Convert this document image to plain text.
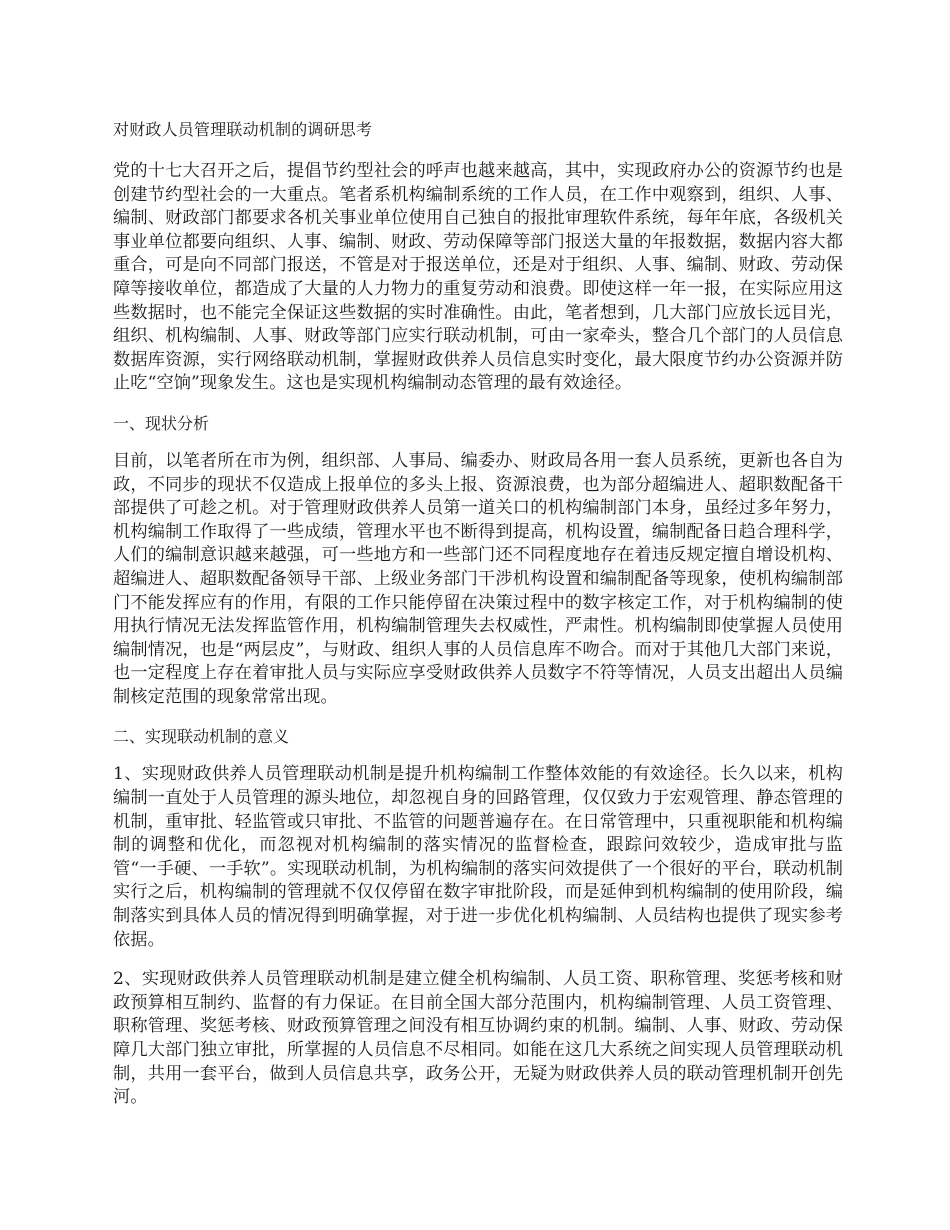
对财政人员管理联动机制的调研思考

党的十七大召开之后，提倡节约型社会的呼声也越来越高，其中，实现政府办公的资源节约也是创建节约型社会的一大重点。笔者系机构编制系统的工作人员，在工作中观察到，组织、人事、编制、财政部门都要求各机关事业单位使用自己独自的报批审理软件系统，每年年底，各级机关事业单位都要向组织、人事、编制、财政、劳动保障等部门报送大量的年报数据，数据内容大都重合，可是向不同部门报送，不管是对于报送单位，还是对于组织、人事、编制、财政、劳动保障等接收单位，都造成了大量的人力物力的重复劳动和浪费。即使这样一年一报，在实际应用这些数据时，也不能完全保证这些数据的实时准确性。由此，笔者想到，几大部门应放长远目光，组织、机构编制、人事、财政等部门应实行联动机制，可由一家牵头，整合几个部门的人员信息数据库资源，实行网络联动机制，掌握财政供养人员信息实时变化，最大限度节约办公资源并防止吃“空饷”现象发生。这也是实现机构编制动态管理的最有效途径。

一、现状分析

目前，以笔者所在市为例，组织部、人事局、编委办、财政局各用一套人员系统，更新也各自为政，不同步的现状不仅造成上报单位的多头上报、资源浪费，也为部分超编进人、超职数配备干部提供了可趁之机。对于管理财政供养人员第一道关口的机构编制部门本身，虽经过多年努力，机构编制工作取得了一些成绩，管理水平也不断得到提高，机构设置，编制配备日趋合理科学，人们的编制意识越来越强，可一些地方和一些部门还不同程度地存在着违反规定擅自增设机构、超编进人、超职数配备领导干部、上级业务部门干涉机构设置和编制配备等现象，使机构编制部门不能发挥应有的作用，有限的工作只能停留在决策过程中的数字核定工作，对于机构编制的使用执行情况无法发挥监管作用，机构编制管理失去权威性，严肃性。机构编制即使掌握人员使用编制情况，也是“两层皮”，与财政、组织人事的人员信息库不吻合。而对于其他几大部门来说，也一定程度上存在着审批人员与实际应享受财政供养人员数字不符等情况，人员支出超出人员编制核定范围的现象常常出现。

二、实现联动机制的意义

1、实现财政供养人员管理联动机制是提升机构编制工作整体效能的有效途径。长久以来，机构编制一直处于人员管理的源头地位，却忽视自身的回路管理，仅仅致力于宏观管理、静态管理的机制，重审批、轻监管或只审批、不监管的问题普遍存在。在日常管理中，只重视职能和机构编制的调整和优化，而忽视对机构编制的落实情况的监督检查，跟踪问效较少，造成审批与监管“一手硬、一手软”。实现联动机制，为机构编制的落实问效提供了一个很好的平台，联动机制实行之后，机构编制的管理就不仅仅停留在数字审批阶段，而是延伸到机构编制的使用阶段，编制落实到具体人员的情况得到明确掌握，对于进一步优化机构编制、人员结构也提供了现实参考依据。

2、实现财政供养人员管理联动机制是建立健全机构编制、人员工资、职称管理、奖惩考核和财政预算相互制约、监督的有力保证。在目前全国大部分范围内，机构编制管理、人员工资管理、职称管理、奖惩考核、财政预算管理之间没有相互协调约束的机制。编制、人事、财政、劳动保障几大部门独立审批，所掌握的人员信息不尽相同。如能在这几大系统之间实现人员管理联动机制，共用一套平台，做到人员信息共享，政务公开，无疑为财政供养人员的联动管理机制开创先河。
